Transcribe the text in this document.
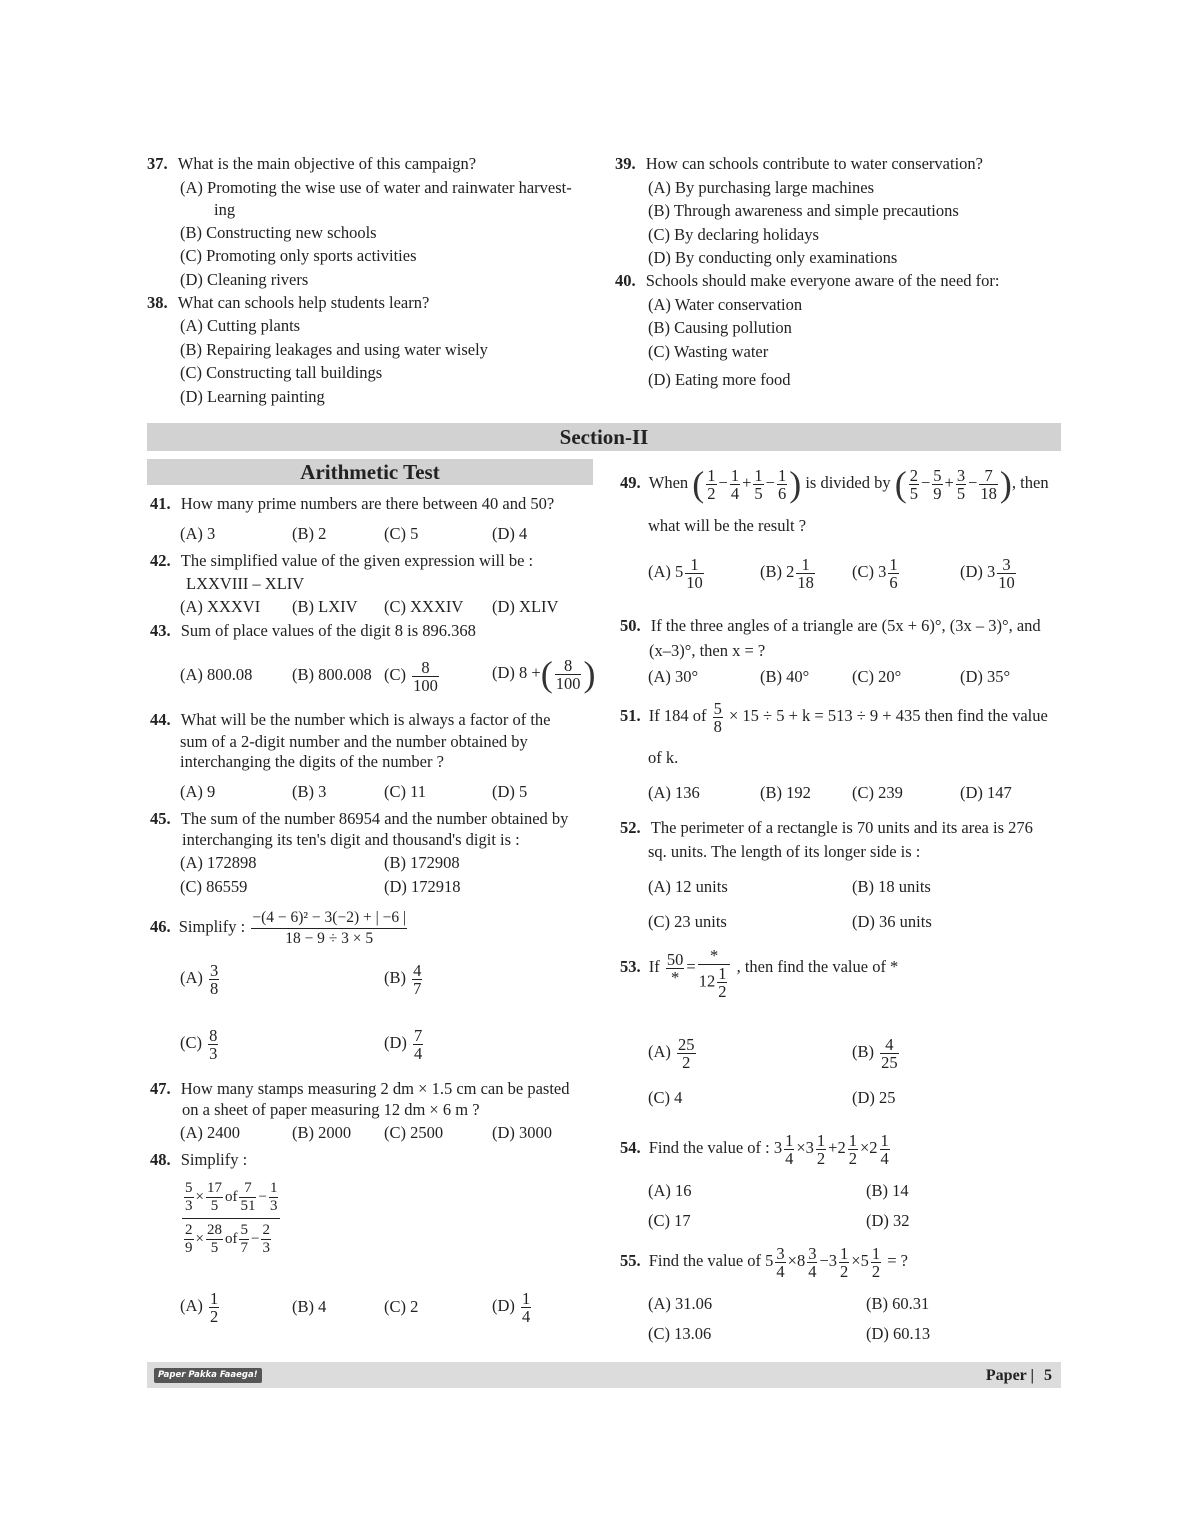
37. What is the main objective of this campaign?
(A) Promoting the wise use of water and rainwater harvest-
ing
(B) Constructing new schools
(C) Promoting only sports activities
(D) Cleaning rivers
38. What can schools help students learn?
(A) Cutting plants
(B) Repairing leakages and using water wisely
(C) Constructing tall buildings
(D) Learning painting
39. How can schools contribute to water conservation?
(A) By purchasing large machines
(B) Through awareness and simple precautions
(C) By declaring holidays
(D) By conducting only examinations
40. Schools should make everyone aware of the need for:
(A) Water conservation
(B) Causing pollution
(C) Wasting water
(D) Eating more food
Section-II
Arithmetic Test
41. How many prime numbers are there between 40 and 50?
(A) 3	(B) 2	(C) 5	(D) 4
42. The simplified value of the given expression will be :
LXXVIII – XLIV
(A) XXXVI (B) LXIV (C) XXXIV (D) XLIV
43. Sum of place values of the digit 8 is 896.368
(A) 800.08 (B) 800.008 $(C) \frac{8}{100}$	(D) 8 +( $\frac{8}{100}$ )
44. What will be the number which is always a factor of the
sum of a 2-digit number and the number obtained by
interchanging the digits of the number ?
(A) 9	(B) 3	(C) 11	(D) 5
45. The sum of the number 86954 and the number obtained by
interchanging its ten's digit and thousand's digit is :
(A) 172898	(B) 172908
(C) 86559	(D) 172918
46. Simplify : $\frac{\text{−(4 − 6)² − 3(−2) + | −6 |}}{18 - 9 \div 3 \times 5}$
$(A) \frac{3}{8}$	$(B) \frac{4}{7}$
$(C) \frac{8}{3}$	$(D) \frac{7}{4}$
47. How many stamps measuring 2 dm × 1.5 cm can be pasted
on a sheet of paper measuring 12 dm × 6 m ?
(A) 2400	(B) 2000 (C) 2500	(D) 3000
48. Simplify :
$\frac{\frac{5}{3} \times \frac{17}{5} of \frac{7}{51} - \frac{1}{3}}{\frac{2}{9} \times \frac{28}{5} of \frac{5}{7} - \frac{2}{3}}$
$(A) \frac{1}{2}$	(B) 4	(C) 2	$(D) \frac{1}{4}$
49. When ( $\frac{1}{2} - \frac{1}{4} + \frac{1}{5} - \frac{1}{6}$ ) is divided by ( $\frac{2}{5} - \frac{5}{9} + \frac{3}{5} - \frac{7}{18}$ ), then
what will be the result ?
(A) $5 \frac{1}{10}$	(B) $2 \frac{1}{18} (C)$ $3 \frac{1}{6}$	(D) $3 \frac{3}{10}$
50. If the three angles of a triangle are (5x + 6)°, (3x – 3)°, and
(x–3)°, then x = ?
(A) 30°	(B) 40°	(C) 20°	(D) 35°
51. If 184 of $\frac{5}{8} \times 15 \div 5 + k = 513 \div 9 + 435$ then find the value
of k.
(A) 136	(B) 192 (C) 239	(D) 147
52. The perimeter of a rectangle is 70 units and its area is 276
sq. units. The length of its longer side is :
(A) 12 units	(B) 18 units
(C) 23 units	(D) 36 units
53. If $\frac{50}{*} = \frac{*}{12 \frac{1}{2}}$ , then find the value of *
$(A) \frac{25}{2}$	$(B) \frac{4}{25}$
(C) 4	(D) 25
54. Find the value of : $3 \frac{1}{4} \times 3 \frac{1}{2} +2 \frac{1}{2} \times 2 \frac{1}{4}$
(A) 16	(B) 14
(C) 17	(D) 32
55. Find the value of $5 \frac{3}{4} \times 8 \frac{3}{4} -3 \frac{1}{2} \times 5 \frac{1}{2}$ = ?
(A) 31.06	(B) 60.31
(C) 13.06	(D) 60.13
Paper Pakka Faaega!	Paper | 5
